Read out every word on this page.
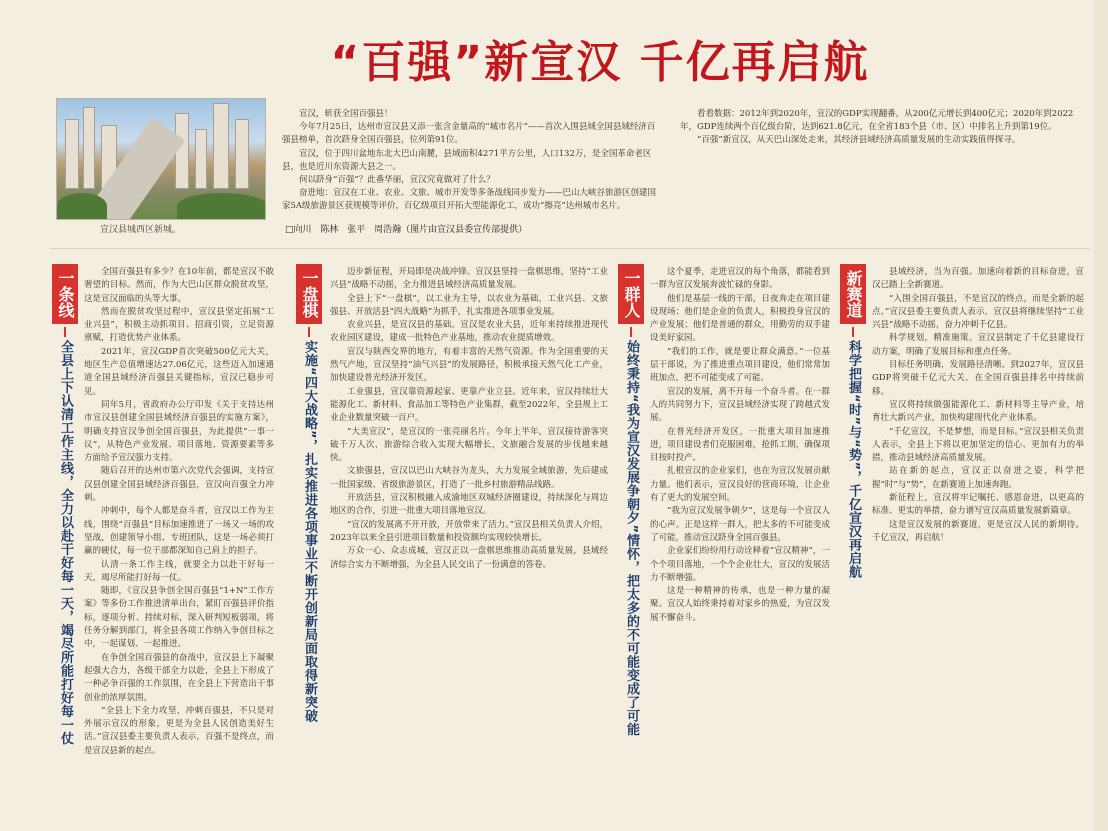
“百强”新宣汉 千亿再启航
宣汉县城西区新城。

宣汉，斩获全国百强县！

今年7月25日，达州市宣汉县又添一张含金量高的“城市名片”——首次入围县域全国县域经济百强县榜单，首次跻身全国百强县，位列第91位。

宣汉，位于四川盆地东北大巴山南麓，县域面积4271平方公里，人口132万，是全国革命老区县，也是近川东资源大县之一。

何以跻身“百强”？此番华丽，宣汉究竟做对了什么？

奋进地：宣汉在工业、农业、文旅、城市开发等多条战线同步发力——巴山大峡谷旅游区创建国家5A级旅游景区获规模等评价，百亿级项目开拓大型能源化工，成功“擦亮”达州城市名片。

看看数据：2012年到2020年，宣汉的GDP实现翻番，从200亿元增长到400亿元；2020年到2022年，GDP连续两个百亿级台阶，达到621.8亿元，在全省183个县（市、区）中排名上升到第19位。

“百强”新宣汉，从天巴山深处走来，其经济县域经济高质量发展的生动实践值得探寻。

□向川 陈林 张平 周浩瀚（图片由宣汉县委宣传部提供）
一条线
全县上下认清工作主线，全力以赴干好每一天，竭尽所能打好每一仗

全国百强县有多少？在10年前，都是宣汉不敢奢望的目标。然而，作为大巴山区群众脱贫攻坚，这是宣汉面临的头等大事。

然而在脱贫攻坚过程中，宣汉县坚定拓展“工业兴县”，积极主动抓项目、招商引资，立足资源禀赋，打造优势产业体系。

2021年，宣汉GDP首次突破500亿元大关，地区生产总值增速达27.06亿元，这些迈入加速通道全国县域经济百强县关键指标，宣汉已稳步可见。

同年5月，省政府办公厅印发《关于支持达州市宣汉县创建全国县域经济百强县的实施方案》，明确支持宣汉争创全国百强县，为此提供“一事一议”，从特色产业发展、项目落地、资源要素等多方面给予宣汉强力支持。

随后召开的达州市第六次党代会强调，支持宣汉县创建全国县域经济百强县，宣汉向百强全力冲刺。

冲刺中，每个人都是奋斗者，宣汉以工作为主线，围绕“百强县”目标加速推进了一场又一场的攻坚战，创建领导小组、专班团队，这是一场必须打赢的硬仗，每一位干部都深知自己肩上的担子。

认清一条工作主线，就要全力以赴干好每一天，竭尽所能打好每一仗。

随即，《宣汉县争创全国百强县“1+N”工作方案》等多份工作推进清单出台，紧盯百强县评价指标，逐项分析、持续对标，深入研判短板弱项，将任务分解到部门，将全县各项工作纳入争创目标之中，一起谋划、一起推进。

在争创全国百强县的奋战中，宣汉县上下凝聚起强大合力，各级干部全力以赴，全县上下形成了一种必争百强的工作氛围，在全县上下营造出干事创业的浓厚氛围。

“全县上下全力攻坚，冲刺百强县，不只是对外展示宣汉的形象，更是为全县人民创造美好生活。”宣汉县委主要负责人表示，百强不是终点，而是宣汉县新的起点。

一盘棋
实施“四大战略”，扎实推进各项事业不断开创新局面取得新突破

迈步新征程，开局即是决战冲锋。宣汉县坚持一盘棋思维，坚持“工业兴县”战略不动摇，全力推进县域经济高质量发展。

全县上下“一盘棋”，以工业为主导，以农业为基础，工业兴县、文旅强县、开放活县“四大战略”为抓手，扎实推进各项事业发展。

农业兴县，是宣汉县的基础。宣汉是农业大县，近年来持续推进现代农业园区建设，建成一批特色产业基地，推动农业提质增效。

宣汉与陕西交界的地方，有着丰富的天然气资源。作为全国重要的天然气产地，宣汉坚持“油气兴县”的发展路径，积极承接天然气化工产业，加快建设普光经济开发区。

工业强县，宣汉靠资源起家、更靠产业立县。近年来，宣汉持续壮大能源化工、新材料、食品加工等特色产业集群，截至2022年，全县规上工业企业数量突破一百户。

“大美宣汉”，是宣汉的一张亮丽名片。今年上半年，宣汉接待游客突破千万人次，旅游综合收入实现大幅增长，文旅融合发展的步伐越来越快。

文旅强县，宣汉以巴山大峡谷为龙头，大力发展全域旅游，先后建成一批国家级、省级旅游景区，打造了一批乡村旅游精品线路。

开放活县，宣汉积极融入成渝地区双城经济圈建设，持续深化与周边地区的合作，引进一批重大项目落地宣汉。

“宣汉的发展离不开开放，开放带来了活力。”宣汉县相关负责人介绍，2023年以来全县引进项目数量和投资额均实现较快增长。

万众一心、众志成城，宣汉正以一盘棋思维推动高质量发展，县域经济综合实力不断增强，为全县人民交出了一份满意的答卷。

一群人
始终秉持“我为宣汉发展争朝夕”情怀，把太多的不可能变成了可能

这个夏季，走进宣汉的每个角落，都能看到一群为宣汉发展奔波忙碌的身影。

他们是基层一线的干部，日夜奔走在项目建设现场；他们是企业的负责人，积极投身宣汉的产业发展；他们是普通的群众，用勤劳的双手建设美好家园。

“我们的工作，就是要让群众满意。”一位基层干部说，为了推进重点项目建设，他们常常加班加点，把不可能变成了可能。

宣汉的发展，离不开每一个奋斗者。在一群人的共同努力下，宣汉县域经济实现了跨越式发展。

在普光经济开发区，一批重大项目加速推进，项目建设者们克服困难，抢抓工期，确保项目按时投产。

扎根宣汉的企业家们，也在为宣汉发展贡献力量。他们表示，宣汉良好的营商环境，让企业有了更大的发展空间。

“我为宣汉发展争朝夕”，这是每一个宣汉人的心声。正是这样一群人，把太多的不可能变成了可能，推动宣汉跻身全国百强县。

企业家们纷纷用行动诠释着“宣汉精神”，一个个项目落地，一个个企业壮大，宣汉的发展活力不断增强。

这是一种精神的传承，也是一种力量的凝聚。宣汉人始终秉持着对家乡的热爱，为宣汉发展不懈奋斗。

新赛道
科学把握“时”与“势”，千亿宣汉再启航

县域经济，当为百强。加速向着新的目标奋进，宣汉已踏上全新赛道。

“入围全国百强县，不是宣汉的终点，而是全新的起点。”宣汉县委主要负责人表示，宣汉县将继续坚持“工业兴县”战略不动摇，奋力冲刺千亿县。

科学规划，精准施策。宣汉县制定了千亿县建设行动方案，明确了发展目标和重点任务。

目标任务明确，发展路径清晰。到2027年，宣汉县GDP将突破千亿元大关，在全国百强县排名中持续前移。

宣汉将持续做强能源化工、新材料等主导产业，培育壮大新兴产业，加快构建现代化产业体系。

“千亿宣汉，不是梦想，而是目标。”宣汉县相关负责人表示，全县上下将以更加坚定的信心、更加有力的举措，推动县域经济高质量发展。

站在新的起点，宣汉正以奋进之姿，科学把握“时”与“势”，在新赛道上加速奔跑。

新征程上，宣汉将牢记嘱托、感恩奋进，以更高的标准、更实的举措，奋力谱写宣汉高质量发展新篇章。

这是宣汉发展的新赛道，更是宣汉人民的新期待。千亿宣汉，再启航！
